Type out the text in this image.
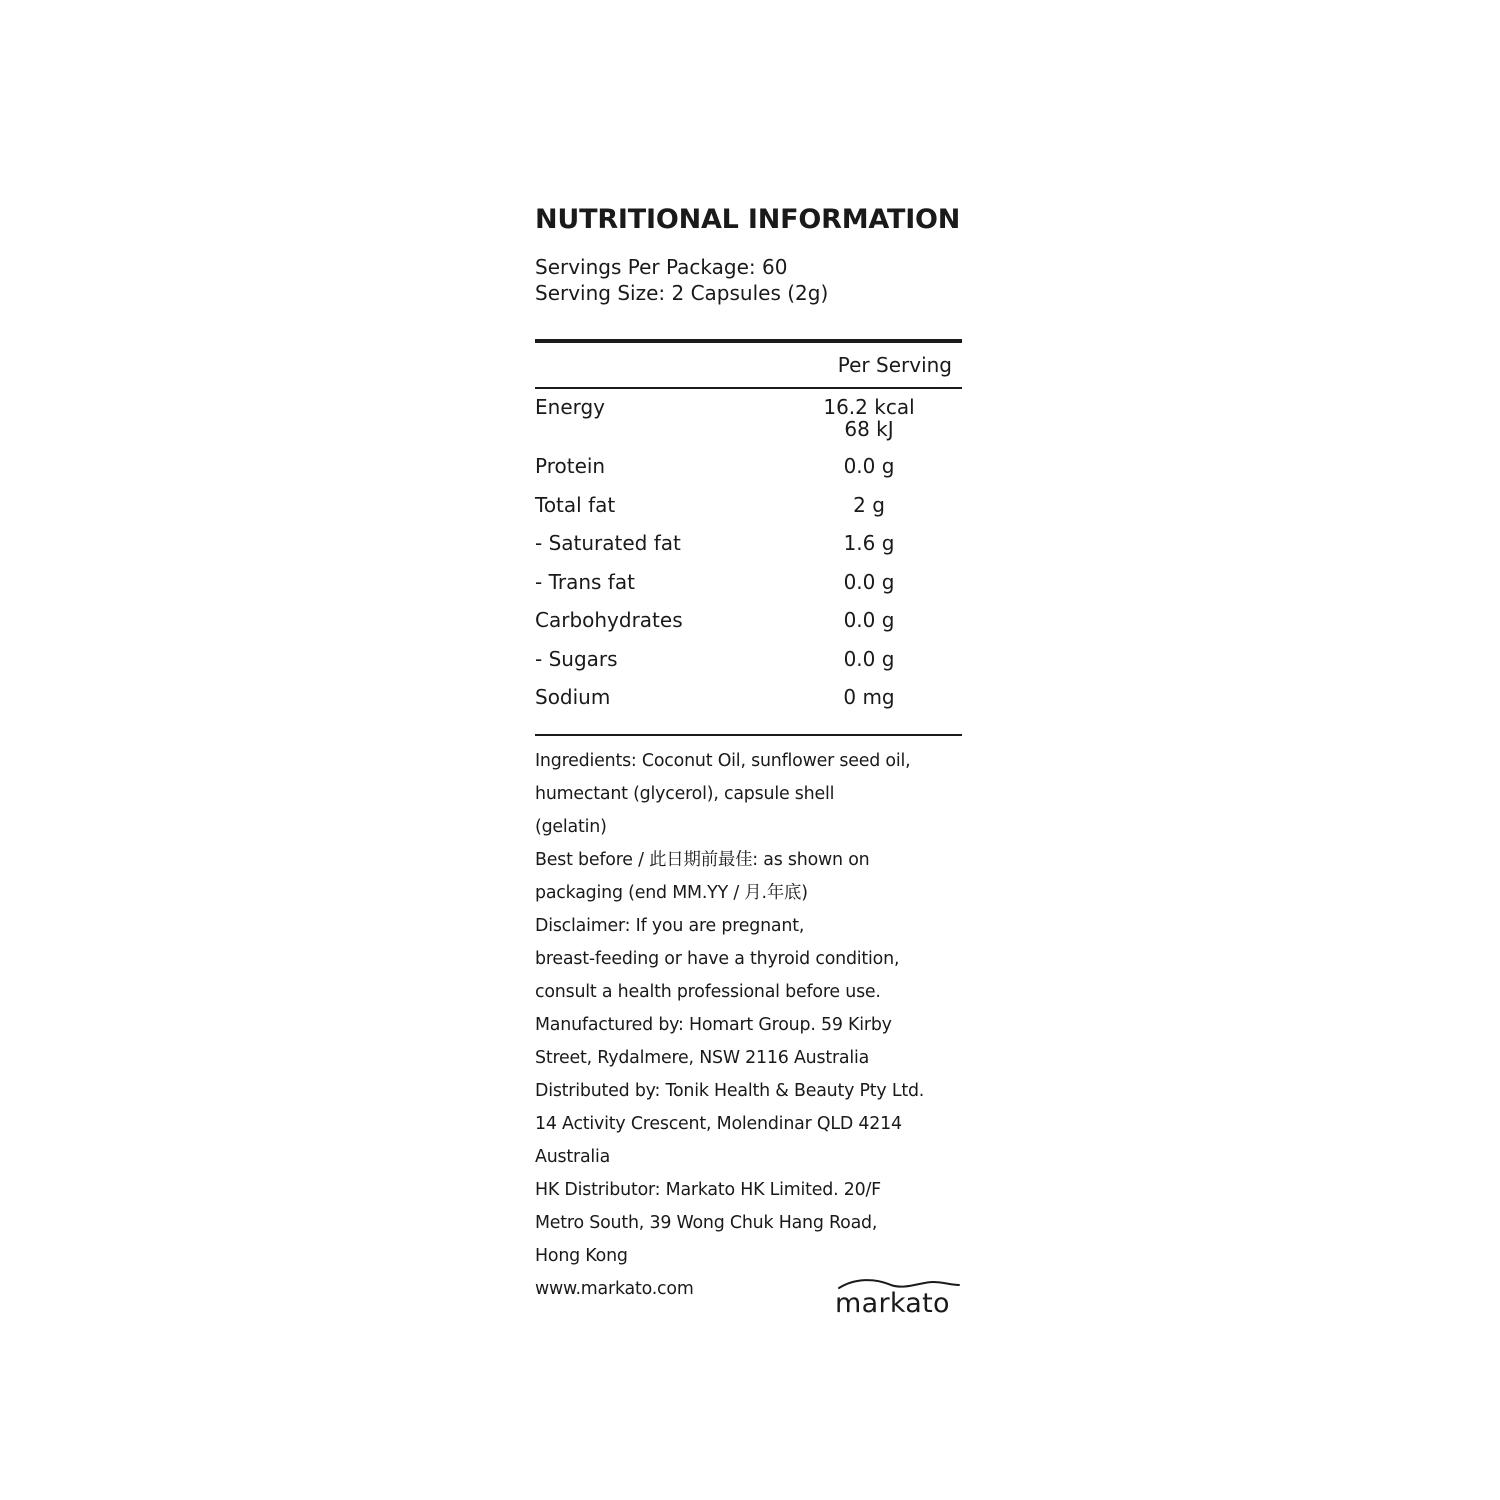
NUTRITIONAL INFORMATION
Servings Per Package: 60
Serving Size: 2 Capsules (2g)
Per Serving
Energy	16.2 kcal
68 kJ
Protein	0.0 g
Total fat	2 g
- Saturated fat	1.6 g
- Trans fat	0.0 g
Carbohydrates	0.0 g
- Sugars	0.0 g
Sodium	0 mg
Ingredients: Coconut Oil, sunflower seed oil,
humectant (glycerol), capsule shell
(gelatin)
Best before / 此日期前最佳: as shown on
packaging (end MM.YY / 月.年底)
Disclaimer: If you are pregnant,
breast-feeding or have a thyroid condition,
consult a health professional before use.
Manufactured by: Homart Group. 59 Kirby
Street, Rydalmere, NSW 2116 Australia
Distributed by: Tonik Health & Beauty Pty Ltd.
14 Activity Crescent, Molendinar QLD 4214
Australia
HK Distributor: Markato HK Limited. 20/F
Metro South, 39 Wong Chuk Hang Road,
Hong Kong
www.markato.com	markato
